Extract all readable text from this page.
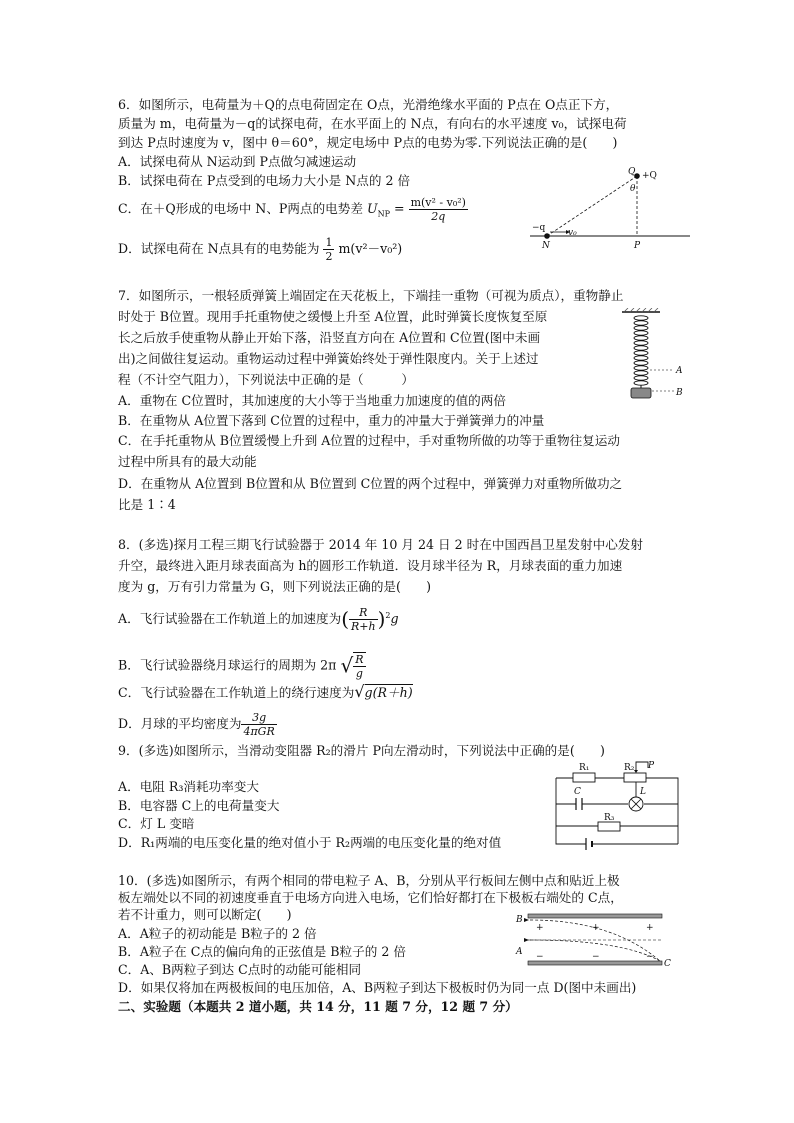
6．如图所示，电荷量为＋Q的点电荷固定在 O点，光滑绝缘水平面的 P点在 O点正下方，
质量为 m，电荷量为－q的试探电荷，在水平面上的 N点，有向右的水平速度 v₀，试探电荷
到达 P点时速度为 v，图中 θ＝60°，规定电场中 P点的电势为零.下列说法正确的是(　　)
A．试探电荷从 N运动到 P点做匀减速运动
B．试探电荷在 P点受到的电场力大小是 N点的 2 倍
C．在＋Q形成的电场中 N、P两点的电势差 $U_{NP} = \frac{\text{m(v² - v₀²)}}{2q}$
D．试探电荷在 N点具有的电势能为 $\frac{1}{2} m(v^2-v_0^2)$
Q +Q
θ
−q	v₀
N	P
7．如图所示，一根轻质弹簧上端固定在天花板上，下端挂一重物（可视为质点），重物静止
时处于 B位置。现用手托重物使之缓慢上升至 A位置，此时弹簧长度恢复至原
长之后放手使重物从静止开始下落，沿竖直方向在 A位置和 C位置(图中未画
出)之间做往复运动。重物运动过程中弹簧始终处于弹性限度内。关于上述过
程（不计空气阻力），下列说法中正确的是（　　　）
A．重物在 C位置时，其加速度的大小等于当地重力加速度的值的两倍
B．在重物从 A位置下落到 C位置的过程中，重力的冲量大于弹簧弹力的冲量
C．在手托重物从 B位置缓慢上升到 A位置的过程中，手对重物所做的功等于重物往复运动
过程中所具有的最大动能
D．在重物从 A位置到 B位置和从 B位置到 C位置的两个过程中，弹簧弹力对重物所做功之
比是 1∶4
A
B
8．(多选)探月工程三期飞行试验器于 2014 年 10 月 24 日 2 时在中国西昌卫星发射中心发射
升空，最终进入距月球表面高为 h的圆形工作轨道．设月球半径为 R，月球表面的重力加速
度为 g，万有引力常量为 G，则下列说法正确的是(　　)
A．飞行试验器在工作轨道上的加速度为( $\frac{R}{R+h} )^2g$
B．飞行试验器绕月球运行的周期为 2π √ $\frac{R}{g}$
C．飞行试验器在工作轨道上的绕行速度为√g(R＋h)
D．月球的平均密度为 $\frac{3g}{\text{4πGR}}$
9．(多选)如图所示，当滑动变阻器 R₂的滑片 P向左滑动时，下列说法中正确的是(　　)
A．电阻 R₃消耗功率变大
B．电容器 C上的电荷量变大
C．灯 L 变暗
D．R₁两端的电压变化量的绝对值小于 R₂两端的电压变化量的绝对值
R₁	R₂ P
C	L
R₃
10．(多选)如图所示，有两个相同的带电粒子 A、B，分别从平行板间左侧中点和贴近上极
板左端处以不同的初速度垂直于电场方向进入电场，它们恰好都打在下极板右端处的 C点，
若不计重力，则可以断定(　　)
A．A粒子的初动能是 B粒子的 2 倍
B．A粒子在 C点的偏向角的正弦值是 B粒子的 2 倍
C．A、B两粒子到达 C点时的动能可能相同
D．如果仅将加在两极板间的电压加倍，A、B两粒子到达下极板时仍为同一点 D(图中未画出)
B
A
C
+	+	+
−	−	−
二、实验题（本题共 2 道小题，共 14 分，11 题 7 分，12 题 7 分）
